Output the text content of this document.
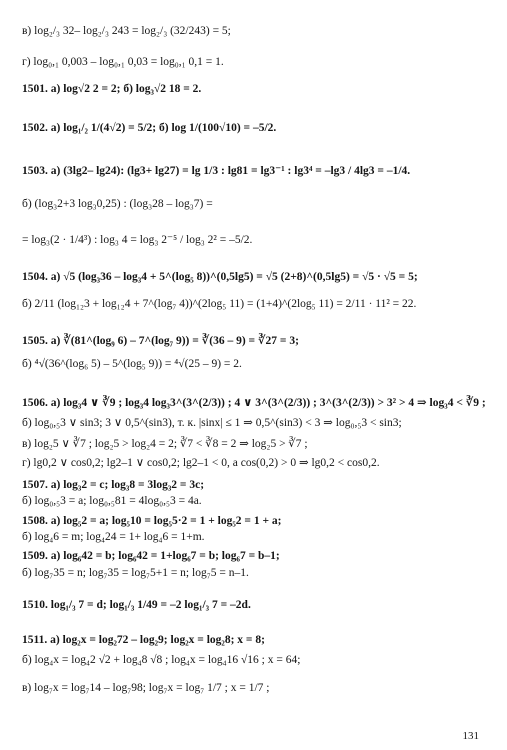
в) log₂/₃ 32– log₂/₃ 243 = log₂/₃ (32/243) = 5;
г) log₀,₁ 0,003 – log₀,₁ 0,03 = log₀,₁ 0,1 = 1.
1501. а) log√2 2 = 2; б) log₃√2 18 = 2.
1502. а) log₁/₂ 1/(4√2) = 5/2; б) log 1/(100√10) = –5/2.
1503. а) (3lg2– lg24): (lg3+ lg27) = lg 1/3 : lg81 = lg3⁻¹ : lg3⁴ = –lg3 / 4lg3 = –1/4.
б) (log₃2+3 log₃0,25) : (log₃28 – log₃7) =
= log₃(2 · 1/4³) : log₃ 4 = log₃ 2⁻⁵ / log₃ 2² = –5/2.
1504. а) √5 (log₃36 – log₃4 + 5^(log₅ 8))^(0,5lg5) = √5 (2+8)^(0,5lg5) = √5 · √5 = 5;
б) 2/11 (log₁₂3 + log₁₂4 + 7^(log₇ 4))^(2log₅ 11) = (1+4)^(2log₅ 11) = 2/11 · 11² = 22.
1505. а) ∛(81^(log₉ 6) – 7^(log₇ 9)) = ∛(36 – 9) = ∛27 = 3;
б) ⁴√(36^(log₆ 5) – 5^(log₅ 9)) = ⁴√(25 – 9) = 2.
1506. а) log₃4 ∨ ∛9 ; log₃4 log₃3^(3^(2/3)) ; 4 ∨ 3^(3^(2/3)) ; 3^(3^(2/3)) > 3² > 4 ⇒ log₃4 < ∛9 ;
б) log₀,₅3 ∨ sin3; 3 ∨ 0,5^(sin3), т. к. |sinx| ≤ 1 ⇒ 0,5^(sin3) < 3 ⇒ log₀,₅3 < sin3;
в) log₂5 ∨ ∛7 ; log₂5 > log₂4 = 2; ∛7 < ∛8 = 2 ⇒ log₂5 > ∛7 ;
г) lg0,2 ∨ cos0,2; lg2–1 ∨ cos0,2; lg2–1 < 0, а cos(0,2) > 0 ⇒ lg0,2 < cos0,2.
1507. а) log₃2 = c; log₃8 = 3log₃2 = 3c;
б) log₀,₅3 = a; log₀,₅81 = 4log₀,₅3 = 4a.
1508. а) log₅2 = a; log₅10 = log₅5·2 = 1 + log₅2 = 1 + a;
б) log₄6 = m; log₄24 = 1+ log₄6 = 1+m.
1509. а) log₆42 = b; log₆42 = 1+log₆7 = b; log₆7 = b–1;
б) log₇35 = n; log₇35 = log₇5+1 = n; log₇5 = n–1.
1510. log₁/₃ 7 = d; log₁/₃ 1/49 = –2 log₁/₃ 7 = –2d.
1511. а) log₂x = log₂72 – log₂9; log₂x = log₂8; x = 8;
б) log₄x = log₄2 √2 + log₄8 √8 ; log₄x = log₄16 √16 ; x = 64;
в) log₇x = log₇14 – log₇98; log₇x = log₇ 1/7 ; x = 1/7 ;
131
